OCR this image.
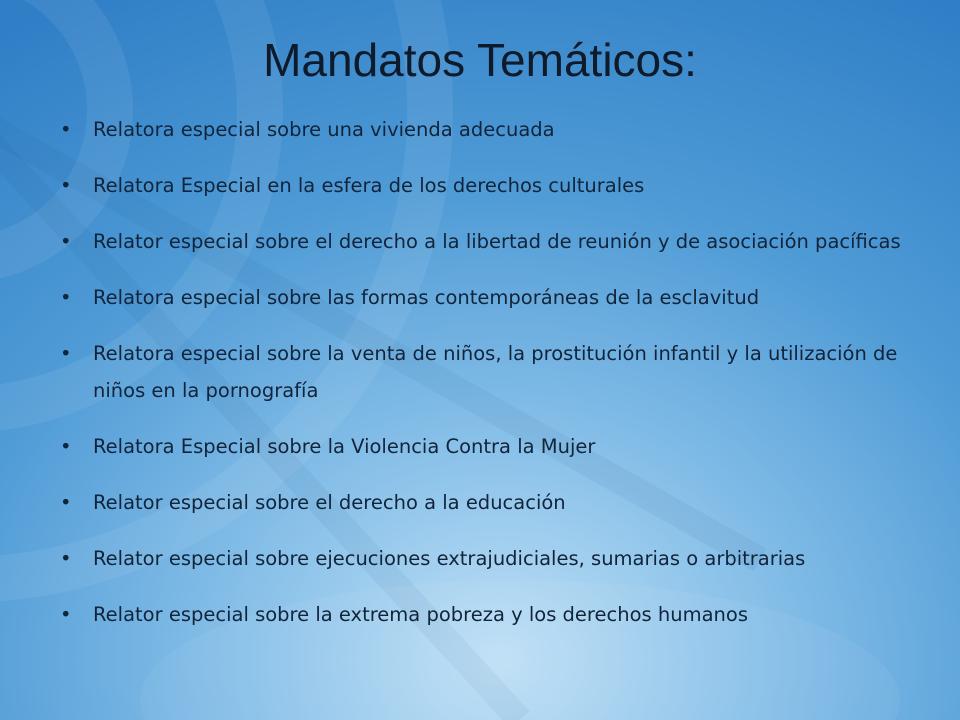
Mandatos Temáticos:
• Relatora especial sobre una vivienda adecuada
• Relatora Especial en la esfera de los derechos culturales
• Relator especial sobre el derecho a la libertad de reunión y de asociación pacíficas
• Relatora especial sobre las formas contemporáneas de la esclavitud
• Relatora especial sobre la venta de niños, la prostitución infantil y la utilización de niños en la pornografía
• Relatora Especial sobre la Violencia Contra la Mujer
• Relator especial sobre el derecho a la educación
• Relator especial sobre ejecuciones extrajudiciales, sumarias o arbitrarias
• Relator especial sobre la extrema pobreza y los derechos humanos
